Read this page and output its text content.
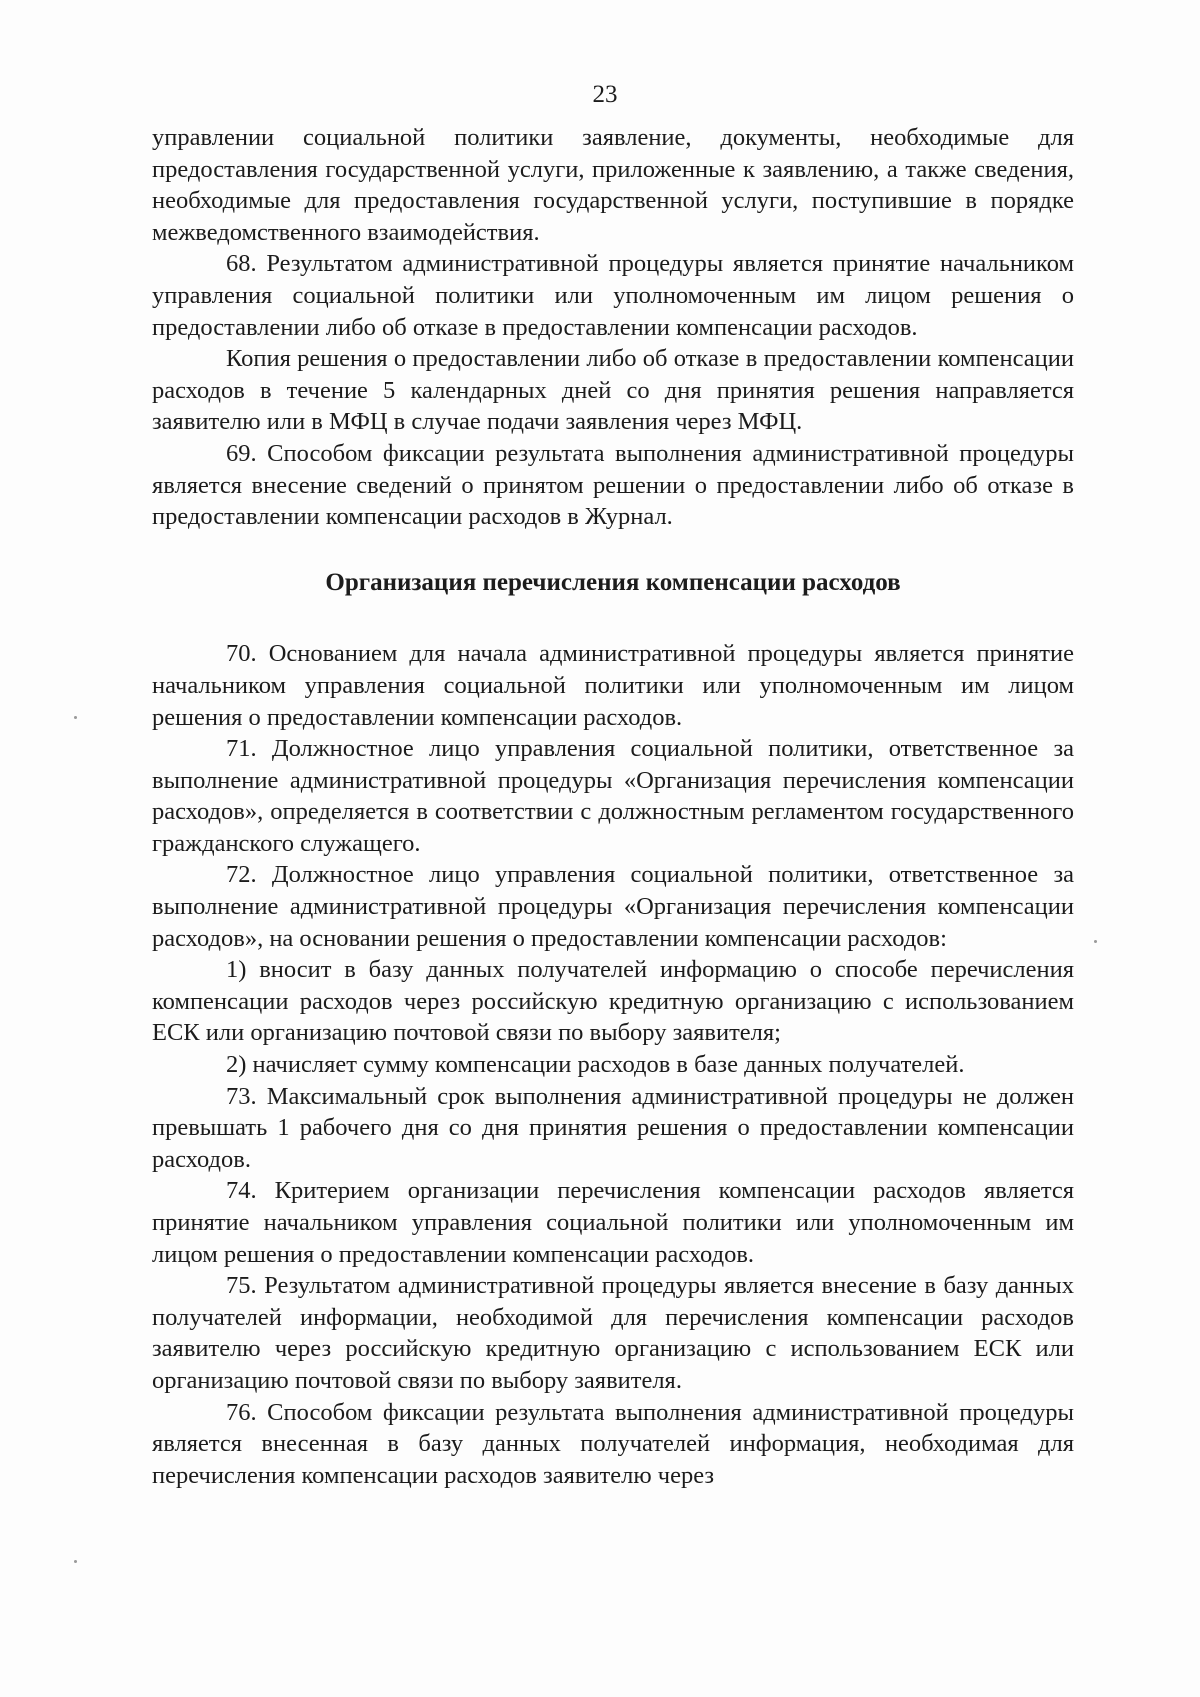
23

управлении социальной политики заявление, документы, необходимые для предоставления государственной услуги, приложенные к заявлению, а также сведения, необходимые для предоставления государственной услуги, поступившие в порядке межведомственного взаимодействия.

68. Результатом административной процедуры является принятие начальником управления социальной политики или уполномоченным им лицом решения о предоставлении либо об отказе в предоставлении компенсации расходов.

Копия решения о предоставлении либо об отказе в предоставлении компенсации расходов в течение 5 календарных дней со дня принятия решения направляется заявителю или в МФЦ в случае подачи заявления через МФЦ.

69. Способом фиксации результата выполнения административной процедуры является внесение сведений о принятом решении о предоставлении либо об отказе в предоставлении компенсации расходов в Журнал.

Организация перечисления компенсации расходов

70. Основанием для начала административной процедуры является принятие начальником управления социальной политики или уполномоченным им лицом решения о предоставлении компенсации расходов.

71. Должностное лицо управления социальной политики, ответственное за выполнение административной процедуры «Организация перечисления компенсации расходов», определяется в соответствии с должностным регламентом государственного гражданского служащего.

72. Должностное лицо управления социальной политики, ответственное за выполнение административной процедуры «Организация перечисления компенсации расходов», на основании решения о предоставлении компенсации расходов:

1) вносит в базу данных получателей информацию о способе перечисления компенсации расходов через российскую кредитную организацию с использованием ЕСК или организацию почтовой связи по выбору заявителя;

2) начисляет сумму компенсации расходов в базе данных получателей.

73. Максимальный срок выполнения административной процедуры не должен превышать 1 рабочего дня со дня принятия решения о предоставлении компенсации расходов.

74. Критерием организации перечисления компенсации расходов является принятие начальником управления социальной политики или уполномоченным им лицом решения о предоставлении компенсации расходов.

75. Результатом административной процедуры является внесение в базу данных получателей информации, необходимой для перечисления компенсации расходов заявителю через российскую кредитную организацию с использованием ЕСК или организацию почтовой связи по выбору заявителя.

76. Способом фиксации результата выполнения административной процедуры является внесенная в базу данных получателей информация, необходимая для перечисления компенсации расходов заявителю через
